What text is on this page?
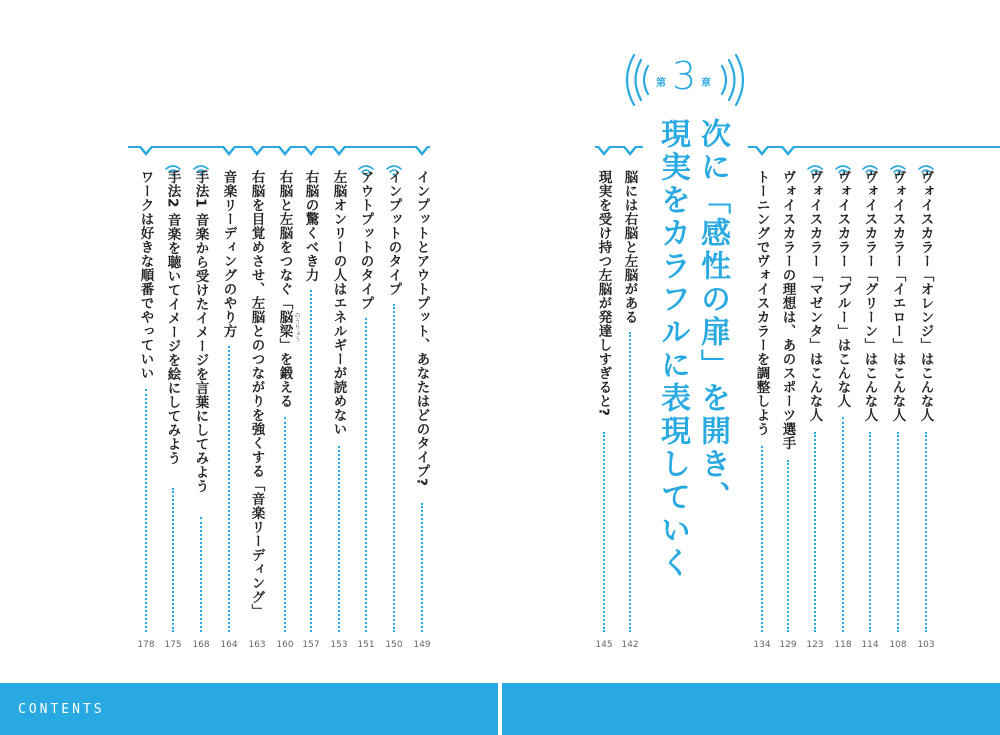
第 3 章
次に「感性の扉」を開き、
現実をカラフルに表現していく	ヴォイスカラー「オレンジ」はこんな人
103
ヴォイスカラー「イエロー」はこんな人
108
ヴォイスカラー「グリーン」はこんな人
114
ヴォイスカラー「ブルー」はこんな人
118
ヴォイスカラー「マゼンタ」はこんな人
123
ヴォイスカラーの理想は、あのスポーツ選手
129
トーニングでヴォイスカラーを調整しよう
134
脳には右脳と左脳がある
142
現実を受け持つ左脳が発達しすぎると?
145
インプットとアウトプット、あなたはどのタイプ?
149
インプットのタイプ
150
アウトプットのタイプ
151
左脳オンリーの人はエネルギーが読めない
153
右脳の驚くべき力
157
右脳と左脳をつなぐ「脳梁」を鍛える のうりょう
160
右脳を目覚めさせ、左脳とのつながりを強くする「音楽リーディング」
163
音楽リーディングのやり方
164
手法1 音楽から受けたイメージを言葉にしてみよう
168
手法2 音楽を聴いてイメージを絵にしてみよう
175
ワークは好きな順番でやっていい
178
CONTENTS
